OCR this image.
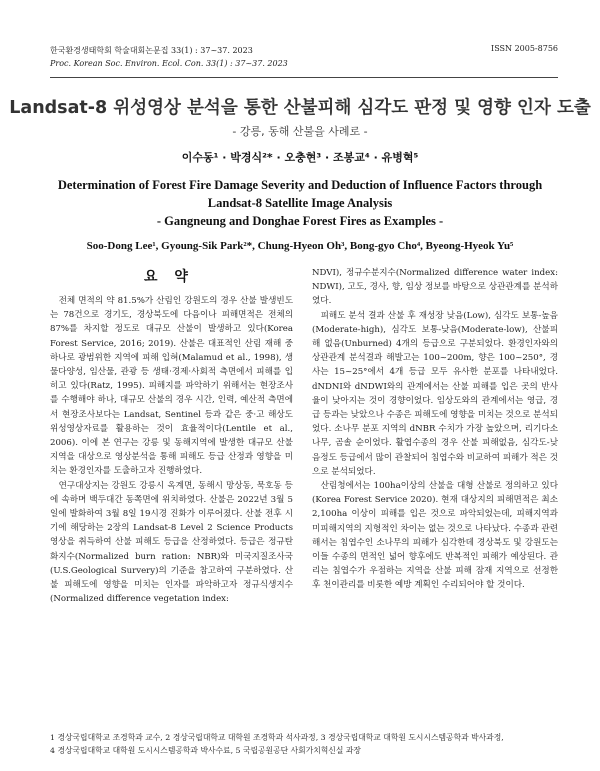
한국환경생태학회 학술대회논문집 33(1) : 37~37. 2023
Proc. Korean Soc. Environ. Ecol. Con. 33(1) : 37~37. 2023
ISSN 2005-8756
Landsat-8 위성영상 분석을 통한 산불피해 심각도 판정 및 영향 인자 도출
- 강릉, 동해 산불을 사례로 -
이수동¹ · 박경식²* · 오충현³ · 조봉교⁴ · 유병혁⁵
Determination of Forest Fire Damage Severity and Deduction of Influence Factors through
Landsat-8 Satellite Image Analysis
- Gangneung and Donghae Forest Fires as Examples -
Soo-Dong Lee¹, Gyoung-Sik Park²*, Chung-Hyeon Oh³, Bong-gyo Cho⁴, Byeong-Hyeok Yu⁵
요 약

전체 면적의 약 81.5%가 산림인 강원도의 경우 산불 발생빈도는 78건으로 경기도, 경상북도에 다음이나 피해면적은 전체의 87%를 차지할 정도로 대규모 산불이 발생하고 있다(Korea Forest Service, 2016; 2019). 산불은 대표적인 산림 재해 중 하나로 광범위한 지역에 피해 입혀(Malamud et al., 1998), 생물다양성, 임산물, 관광 등 생태·경제·사회적 측면에서 피해를 입히고 있다(Ratz, 1995). 피해지를 파악하기 위해서는 현장조사를 수행해야 하나, 대규모 산불의 경우 시간, 인력, 예산적 측면에서 현장조사보다는 Landsat, Sentinel 등과 같은 중·고 해상도 위성영상자료를 활용하는 것이 효율적이다(Lentile et al., 2006). 이에 본 연구는 강릉 및 동해지역에 발생한 대규모 산불지역을 대상으로 영상분석을 통해 피해도 등급 산정과 영향을 미치는 환경인자를 도출하고자 진행하였다.

연구대상지는 강원도 강릉시 옥계면, 동해시 망상동, 묵호동 등에 속하며 백두대간 동쪽면에 위치하였다. 산불은 2022년 3월 5일에 발화하여 3월 8일 19시경 진화가 이루어졌다. 산불 전후 시기에 해당하는 2장의 Landsat-8 Level 2 Science Products 영상을 취득하여 산불 피해도 등급을 산정하였다. 등급은 정규탄화지수(Normalized burn ration: NBR)와 미국지질조사국(U.S.Geological Survery)의 기준을 참고하여 구분하였다. 산불 피해도에 영향을 미치는 인자를 파악하고자 정규식생지수(Normalized difference vegetation index:

NDVI), 정규수분지수(Normalized difference water index: NDWI), 고도, 경사, 향, 임상 정보를 바탕으로 상관관계를 분석하였다.

피해도 분석 결과 산불 후 재성장 낮음(Low), 심각도 보통-높음(Moderate-high), 심각도 보통-낮음(Moderate-low), 산불피해 없음(Unburned) 4개의 등급으로 구분되었다. 환경인자와의 상관관계 분석결과 해발고는 100~200m, 향은 100~250°, 경사는 15~25°에서 4개 등급 모두 유사한 분포를 나타내었다. dNDNI와 dNDWI와의 관계에서는 산불 피해를 입은 곳의 반사율이 낮아지는 것이 경향이었다. 임상도와의 관계에서는 영급, 경급 등과는 낮았으나 수종은 피해도에 영향을 미치는 것으로 분석되었다. 소나무 분포 지역의 dNBR 수치가 가장 높았으며, 리기다소나무, 곰솔 순이었다. 활엽수종의 경우 산불 피해없음, 심각도-낮음정도 등급에서 많이 관찰되어 침엽수와 비교하여 피해가 적은 것으로 분석되었다.

산림청에서는 100ha이상의 산불을 대형 산불로 정의하고 있다(Korea Forest Service 2020). 현재 대상지의 피해면적은 최소 2,100ha 이상이 피해를 입은 것으로 파악되었는데, 피해지역과 미피해지역의 지형적인 차이는 없는 것으로 나타났다. 수종과 관련해서는 침엽수인 소나무의 피해가 심각한데 경상북도 및 강원도는 이들 수종의 면적인 넓어 향후에도 반복적인 피해가 예상된다. 관리는 침엽수가 우점하는 지역을 산불 피해 잠재 지역으로 선정한 후 천이관리를 비롯한 예방 계획인 수리되어야 할 것이다.

1 경상국립대학교 조경학과 교수, 2 경상국립대학교 대학원 조경학과 석사과정, 3 경상국립대학교 대학원 도시시스템공학과 박사과정,
4 경상국립대학교 대학원 도시시스템공학과 박사수료, 5 국립공원공단 사회가치혁신실 과장
